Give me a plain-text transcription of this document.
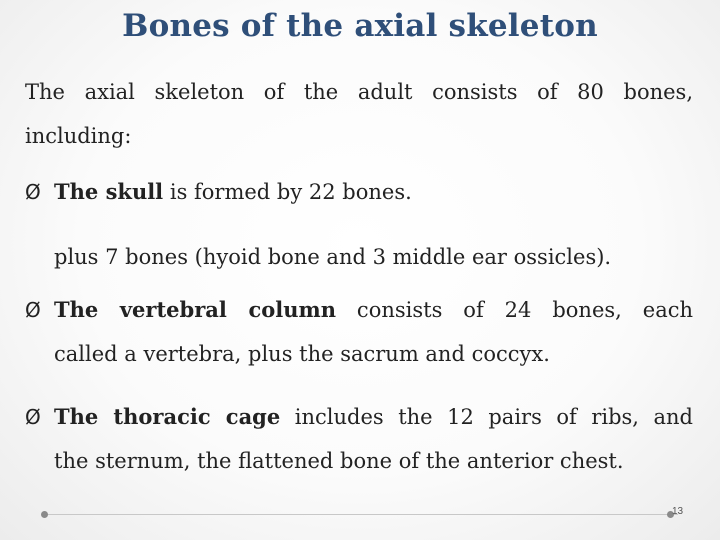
Bones of the axial skeleton
The axial skeleton of the adult consists of 80 bones,
including:
Ø The skull is formed by 22 bones.
plus 7 bones (hyoid bone and 3 middle ear ossicles).
Ø The vertebral column consists of 24 bones, each
called a vertebra, plus the sacrum and coccyx.
Ø The thoracic cage includes the 12 pairs of ribs, and
the sternum, the flattened bone of the anterior chest.
13
